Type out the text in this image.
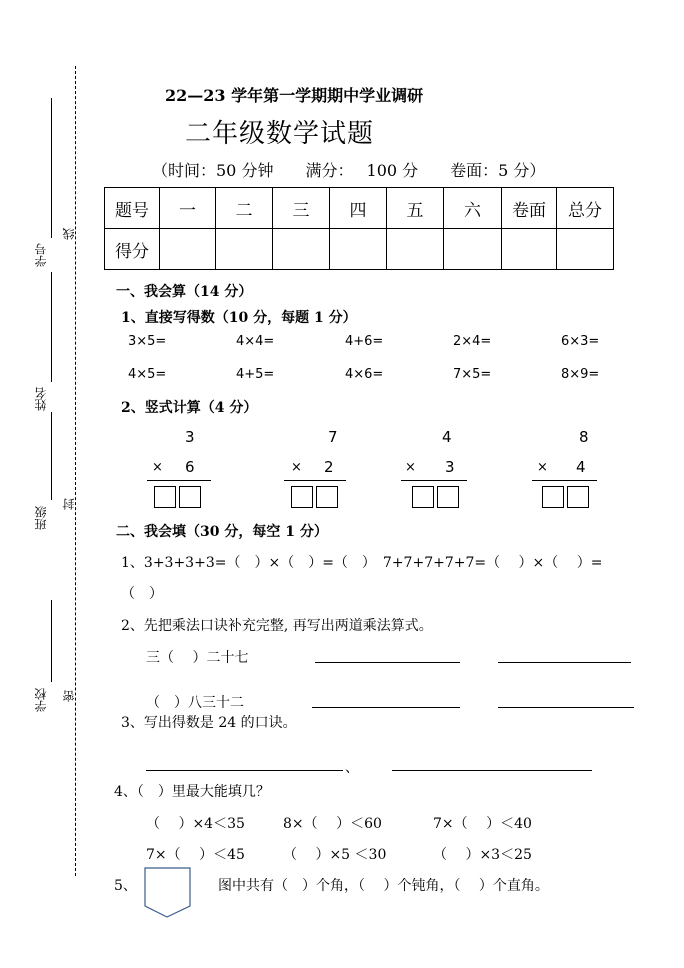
学号
线
姓名
班级
封
学校 密
22—23 学年第一学期期中学业调研
二年级数学试题
（时间：50 分钟　　满分：　 100 分　　卷面：5 分）
题号	一	二	三	四	五	六	卷面	总分
得分								
一、我会算（14 分）
1、直接写得数（10 分，每题 1 分）
3×5=	4×4=	4+6=	2×4=	6×3=
4×5=	4+5=	4×6=	7×5=	8×9=
2、竖式计算（4 分）
3
× 6
7
× 2
4
× 3
8
× 4
二、我会填（30 分，每空 1 分）
1、3+3+3+3=（　）×（　）=（　）　7+7+7+7+7=（　 ）×（　 ）=
（　）
2、先把乘法口诀补充完整, 再写出两道乘法算式。
三（　 ）二十七
（　）八三十二
3、写出得数是 24 的口诀。
、
4、（　）里最大能填几？
（　 ）×4＜35	8×（　 ）＜60	7×（　 ）＜40
7×（　 ）＜45	（　 ）×5 ＜30	（　 ）×3＜25
5、	图中共有（　）个角，（　 ）个钝角，（　 ）个直角。
